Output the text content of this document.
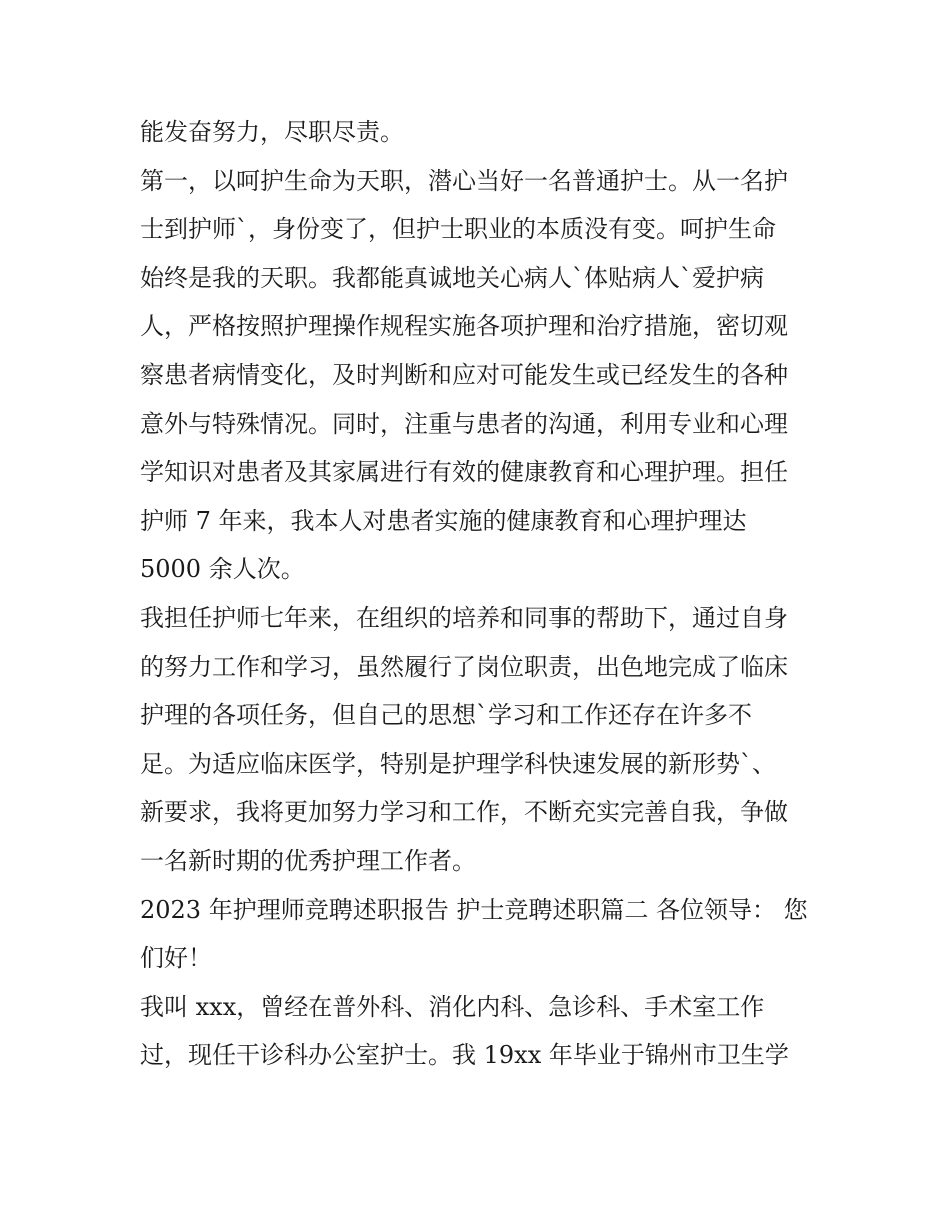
能发奋努力，尽职尽责。
第一，以呵护生命为天职，潜心当好一名普通护士。从一名护
士到护师`，身份变了，但护士职业的本质没有变。呵护生命
始终是我的天职。我都能真诚地关心病人`体贴病人`爱护病
人，严格按照护理操作规程实施各项护理和治疗措施，密切观
察患者病情变化，及时判断和应对可能发生或已经发生的各种
意外与特殊情况。同时，注重与患者的沟通，利用专业和心理
学知识对患者及其家属进行有效的健康教育和心理护理。担任
护师 7 年来，我本人对患者实施的健康教育和心理护理达
5000 余人次。
我担任护师七年来，在组织的培养和同事的帮助下，通过自身
的努力工作和学习，虽然履行了岗位职责，出色地完成了临床
护理的各项任务，但自己的思想`学习和工作还存在许多不
足。为适应临床医学，特别是护理学科快速发展的新形势`、
新要求，我将更加努力学习和工作，不断充实完善自我，争做
一名新时期的优秀护理工作者。
2023 年护理师竞聘述职报告 护士竞聘述职篇二 各位领导： 您
们好！
我叫 xxx，曾经在普外科、消化内科、急诊科、手术室工作
过，现任干诊科办公室护士。我 19xx 年毕业于锦州市卫生学
